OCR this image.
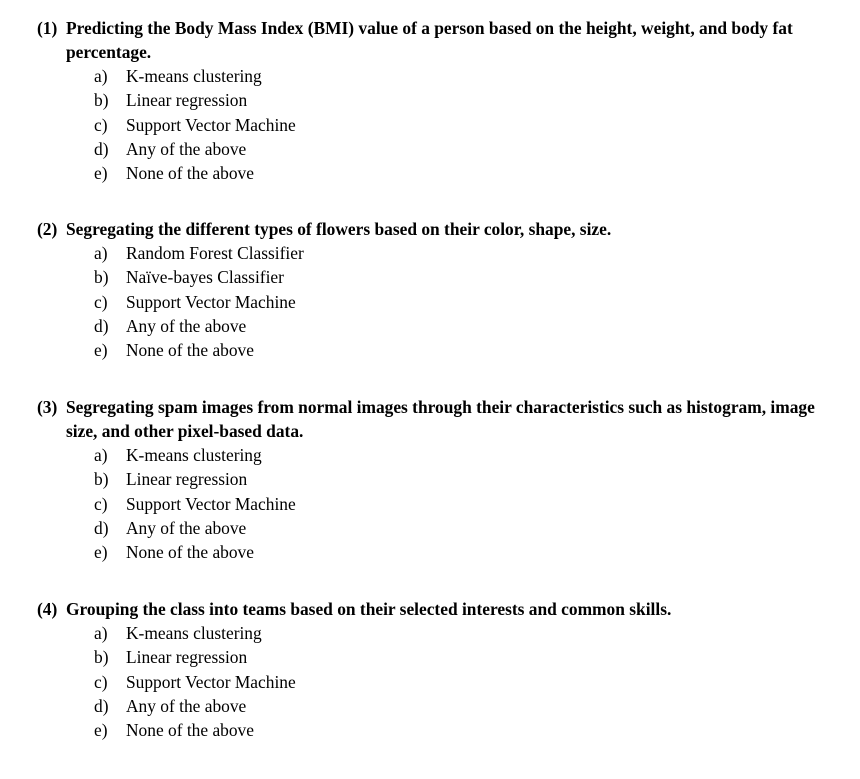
(1) Predicting the Body Mass Index (BMI) value of a person based on the height, weight, and body fat percentage.
a) K-means clustering
b) Linear regression
c) Support Vector Machine
d) Any of the above
e) None of the above
(2) Segregating the different types of flowers based on their color, shape, size.
a) Random Forest Classifier
b) Naïve-bayes Classifier
c) Support Vector Machine
d) Any of the above
e) None of the above
(3) Segregating spam images from normal images through their characteristics such as histogram, image size, and other pixel-based data.
a) K-means clustering
b) Linear regression
c) Support Vector Machine
d) Any of the above
e) None of the above
(4) Grouping the class into teams based on their selected interests and common skills.
a) K-means clustering
b) Linear regression
c) Support Vector Machine
d) Any of the above
e) None of the above
